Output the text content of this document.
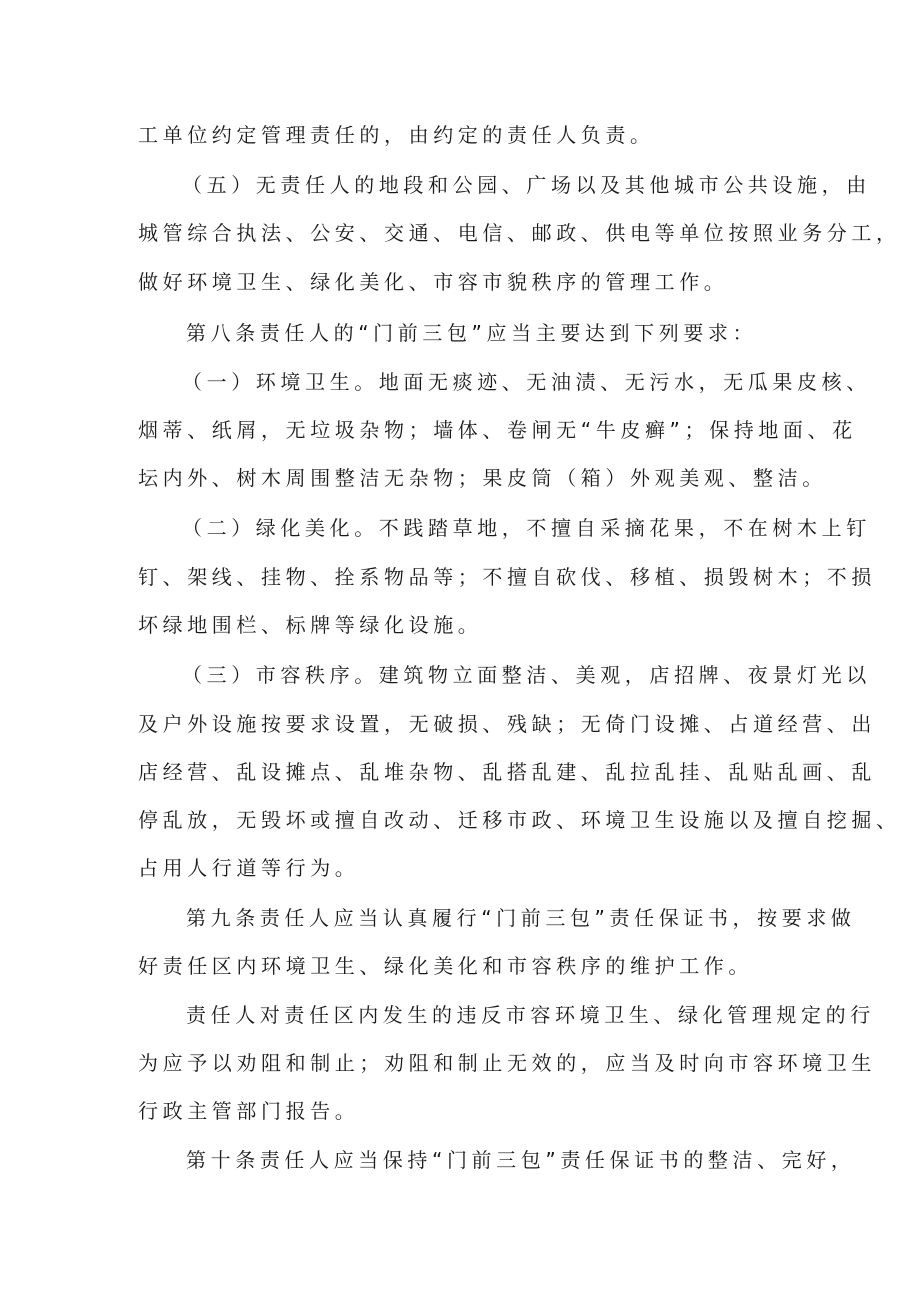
工单位约定管理责任的，由约定的责任人负责。
（五）无责任人的地段和公园、广场以及其他城市公共设施，由
城管综合执法、公安、交通、电信、邮政、供电等单位按照业务分工，
做好环境卫生、绿化美化、市容市貌秩序的管理工作。
第八条责任人的“门前三包”应当主要达到下列要求：
（一）环境卫生。地面无痰迹、无油渍、无污水，无瓜果皮核、
烟蒂、纸屑，无垃圾杂物；墙体、卷闸无“牛皮癣”；保持地面、花
坛内外、树木周围整洁无杂物；果皮筒（箱）外观美观、整洁。
（二）绿化美化。不践踏草地，不擅自采摘花果，不在树木上钉
钉、架线、挂物、拴系物品等；不擅自砍伐、移植、损毁树木；不损
坏绿地围栏、标牌等绿化设施。
（三）市容秩序。建筑物立面整洁、美观，店招牌、夜景灯光以
及户外设施按要求设置，无破损、残缺；无倚门设摊、占道经营、出
店经营、乱设摊点、乱堆杂物、乱搭乱建、乱拉乱挂、乱贴乱画、乱
停乱放，无毁坏或擅自改动、迁移市政、环境卫生设施以及擅自挖掘、
占用人行道等行为。
第九条责任人应当认真履行“门前三包”责任保证书，按要求做
好责任区内环境卫生、绿化美化和市容秩序的维护工作。
责任人对责任区内发生的违反市容环境卫生、绿化管理规定的行
为应予以劝阻和制止；劝阻和制止无效的，应当及时向市容环境卫生
行政主管部门报告。
第十条责任人应当保持“门前三包”责任保证书的整洁、完好，
